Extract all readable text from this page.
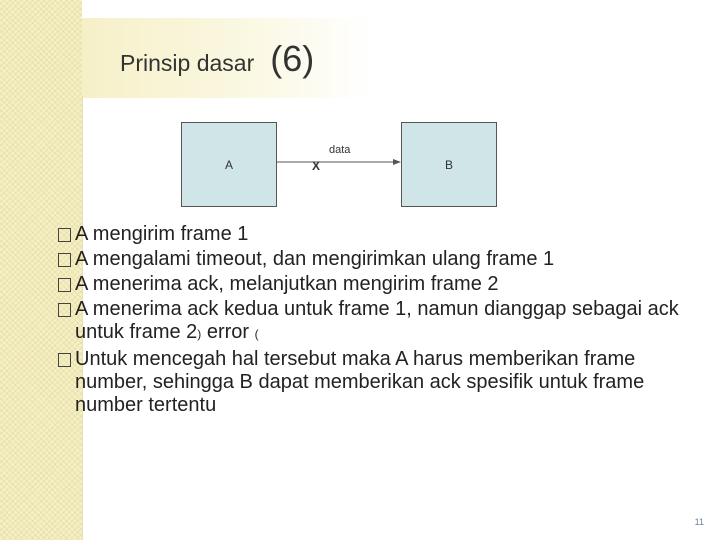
Prinsip dasar (6)
A	B
X
data
A mengirim frame 1
A mengalami timeout, dan mengirimkan ulang frame 1
A menerima ack, melanjutkan mengirim frame 2
A menerima ack kedua untuk frame 1, namun dianggap sebagai ack untuk frame 2) error (
Untuk mencegah hal tersebut maka A harus memberikan frame number, sehingga B dapat memberikan ack spesifik untuk frame number tertentu
11
